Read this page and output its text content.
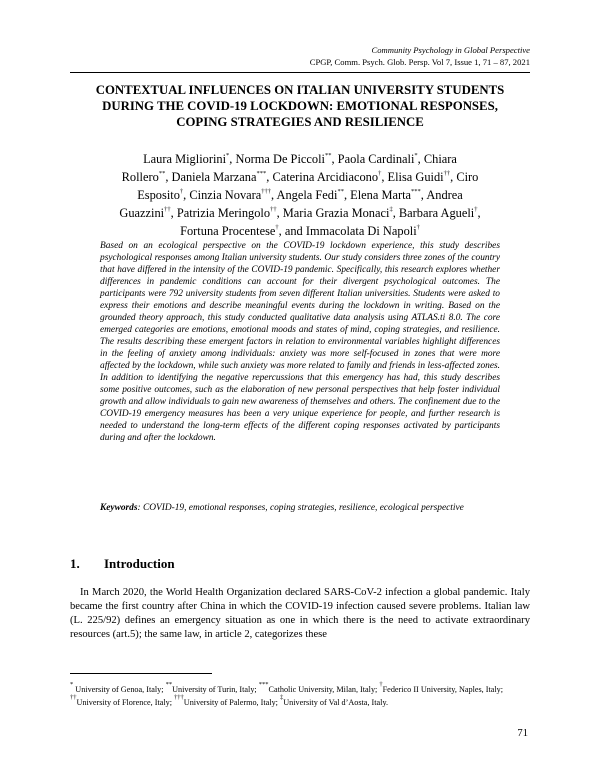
Community Psychology in Global Perspective
CPGP, Comm. Psych. Glob. Persp. Vol 7, Issue 1, 71 – 87, 2021
CONTEXTUAL INFLUENCES ON ITALIAN UNIVERSITY STUDENTS
DURING THE COVID-19 LOCKDOWN: EMOTIONAL RESPONSES,
COPING STRATEGIES AND RESILIENCE
Laura Migliorini*, Norma De Piccoli**, Paola Cardinali*, Chiara
Rollero**, Daniela Marzana***, Caterina Arcidiacono†, Elisa Guidi††, Ciro
Esposito†, Cinzia Novara†††, Angela Fedi**, Elena Marta***, Andrea
Guazzini††, Patrizia Meringolo††, Maria Grazia Monaci‡, Barbara Agueli†,
Fortuna Procentese†, and Immacolata Di Napoli†
Based on an ecological perspective on the COVID-19 lockdown experience, this study describes psychological responses among Italian university students. Our study considers three zones of the country that have differed in the intensity of the COVID-19 pandemic. Specifically, this research explores whether differences in pandemic conditions can account for their divergent psychological outcomes. The participants were 792 university students from seven different Italian universities. Students were asked to express their emotions and describe meaningful events during the lockdown in writing. Based on the grounded theory approach, this study conducted qualitative data analysis using ATLAS.ti 8.0. The core emerged categories are emotions, emotional moods and states of mind, coping strategies, and resilience. The results describing these emergent factors in relation to environmental variables highlight differences in the feeling of anxiety among individuals: anxiety was more self-focused in zones that were more affected by the lockdown, while such anxiety was more related to family and friends in less-affected zones. In addition to identifying the negative repercussions that this emergency has had, this study describes some positive outcomes, such as the elaboration of new personal perspectives that help foster individual growth and allow individuals to gain new awareness of themselves and others. The confinement due to the COVID-19 emergency measures has been a very unique experience for people, and further research is needed to understand the long-term effects of the different coping responses activated by participants during and after the lockdown.
Keywords: COVID-19, emotional responses, coping strategies, resilience, ecological perspective
1. Introduction
In March 2020, the World Health Organization declared SARS-CoV-2 infection a global pandemic. Italy became the first country after China in which the COVID-19 infection caused severe problems. Italian law (L. 225/92) defines an emergency situation as one in which there is the need to activate extraordinary resources (art.5); the same law, in article 2, categorizes these
* University of Genoa, Italy; **University of Turin, Italy; ***Catholic University, Milan, Italy; †Federico II University, Naples, Italy; ††University of Florence, Italy; †††University of Palermo, Italy; ‡University of Val d’Aosta, Italy.
71
